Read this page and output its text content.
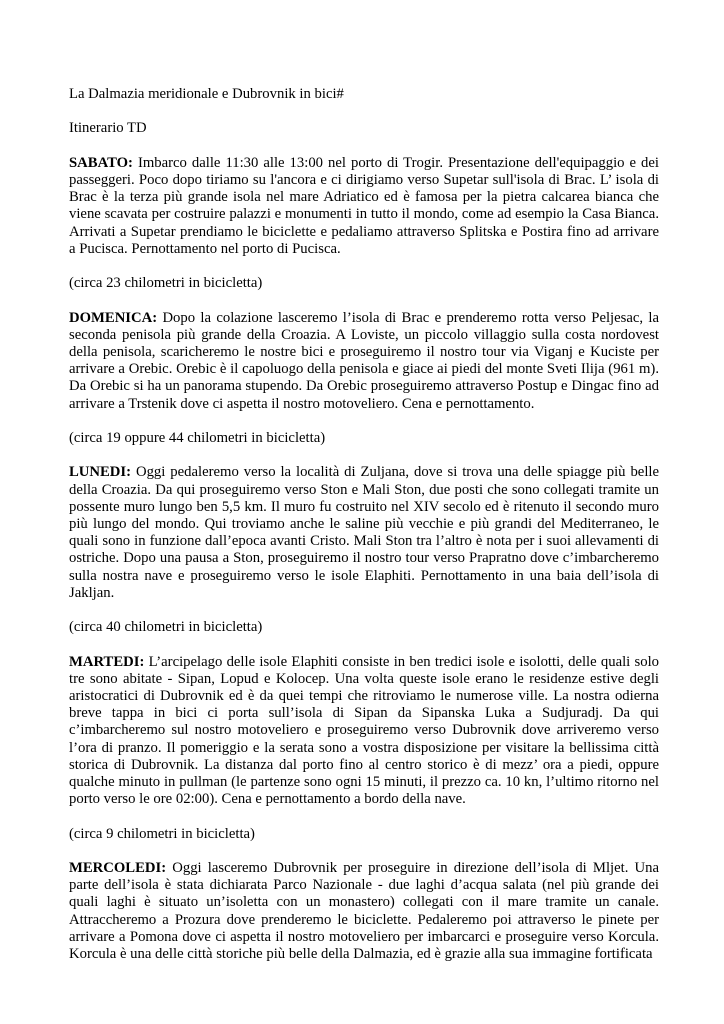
La Dalmazia meridionale e Dubrovnik in bici#

Itinerario TD

SABATO: Imbarco dalle 11:30 alle 13:00 nel porto di Trogir. Presentazione dell'equipaggio e dei passeggeri. Poco dopo tiriamo su l'ancora e ci dirigiamo verso Supetar sull'isola di Brac. L’ isola di Brac è la terza più grande isola nel mare Adriatico ed è famosa per la pietra calcarea bianca che viene scavata per costruire palazzi e monumenti in tutto il mondo, come ad esempio la Casa Bianca. Arrivati a Supetar prendiamo le biciclette e pedaliamo attraverso Splitska e Postira fino ad arrivare a Pucisca. Pernottamento nel porto di Pucisca.

(circa 23 chilometri in bicicletta)

DOMENICA: Dopo la colazione lasceremo l’isola di Brac e prenderemo rotta verso Peljesac, la seconda penisola più grande della Croazia. A Loviste, un piccolo villaggio sulla costa nordovest della penisola, scaricheremo le nostre bici e proseguiremo il nostro tour via Viganj e Kuciste per arrivare a Orebic. Orebic è il capoluogo della penisola e giace ai piedi del monte Sveti Ilija (961 m). Da Orebic si ha un panorama stupendo. Da Orebic proseguiremo attraverso Postup e Dingac fino ad arrivare a Trstenik dove ci aspetta il nostro motoveliero. Cena e pernottamento.

(circa 19 oppure 44 chilometri in bicicletta)

LUNEDI: Oggi pedaleremo verso la località di Zuljana, dove si trova una delle spiagge più belle della Croazia. Da qui proseguiremo verso Ston e Mali Ston, due posti che sono collegati tramite un possente muro lungo ben 5,5 km. Il muro fu costruito nel XIV secolo ed è ritenuto il secondo muro più lungo del mondo. Qui troviamo anche le saline più vecchie e più grandi del Mediterraneo, le quali sono in funzione dall’epoca avanti Cristo. Mali Ston tra l’altro è nota per i suoi allevamenti di ostriche. Dopo una pausa a Ston, proseguiremo il nostro tour verso Prapratno dove c’imbarcheremo sulla nostra nave e proseguiremo verso le isole Elaphiti. Pernottamento in una baia dell’isola di Jakljan.

(circa 40 chilometri in bicicletta)

MARTEDI: L’arcipelago delle isole Elaphiti consiste in ben tredici isole e isolotti, delle quali solo tre sono abitate - Sipan, Lopud e Kolocep. Una volta queste isole erano le residenze estive degli aristocratici di Dubrovnik ed è da quei tempi che ritroviamo le numerose ville. La nostra odierna breve tappa in bici ci porta sull’isola di Sipan da Sipanska Luka a Sudjuradj. Da qui c’imbarcheremo sul nostro motoveliero e proseguiremo verso Dubrovnik dove arriveremo verso l’ora di pranzo. Il pomeriggio e la serata sono a vostra disposizione per visitare la bellissima città storica di Dubrovnik. La distanza dal porto fino al centro storico è di mezz’ ora a piedi, oppure qualche minuto in pullman (le partenze sono ogni 15 minuti, il prezzo ca. 10 kn, l’ultimo ritorno nel porto verso le ore 02:00). Cena e pernottamento a bordo della nave.

(circa 9 chilometri in bicicletta)

MERCOLEDI: Oggi lasceremo Dubrovnik per proseguire in direzione dell’isola di Mljet. Una parte dell’isola è stata dichiarata Parco Nazionale - due laghi d’acqua salata (nel più grande dei quali laghi è situato un’isoletta con un monastero) collegati con il mare tramite un canale. Attraccheremo a Prozura dove prenderemo le biciclette. Pedaleremo poi attraverso le pinete per arrivare a Pomona dove ci aspetta il nostro motoveliero per imbarcarci e proseguire verso Korcula. Korcula è una delle città storiche più belle della Dalmazia, ed è grazie alla sua immagine fortificata
